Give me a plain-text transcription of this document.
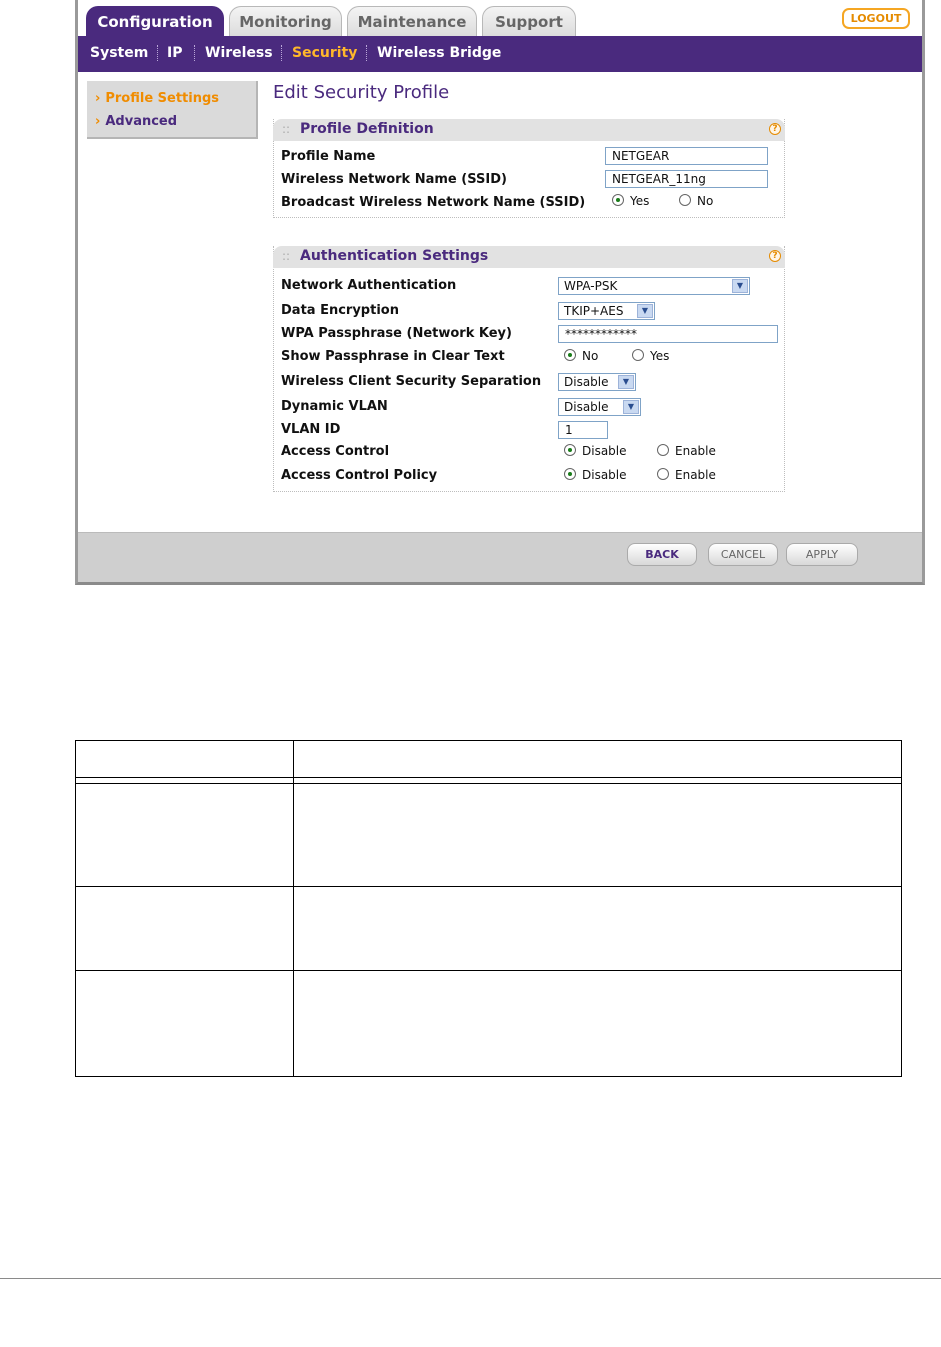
Configuration	Monitoring	Maintenance	Support	LOGOUT
System IP Wireless Security Wireless Bridge
› Profile Settings
› Advanced
Edit Security Profile
:: Profile Definition	?
Profile Name	NETGEAR
Wireless Network Name (SSID)	NETGEAR_11ng
Broadcast Wireless Network Name (SSID)	Yes	No
:: Authentication Settings	?
Network Authentication	WPA-PSK	▼
Data Encryption	TKIP+AES	▼
WPA Passphrase (Network Key)	************
Show Passphrase in Clear Text	No	Yes
Wireless Client Security Separation	Disable	▼
Dynamic VLAN	Disable	▼
VLAN ID	1
Access Control	Disable	Enable
Access Control Policy	Disable	Enable
BACK	CANCEL	APPLY
